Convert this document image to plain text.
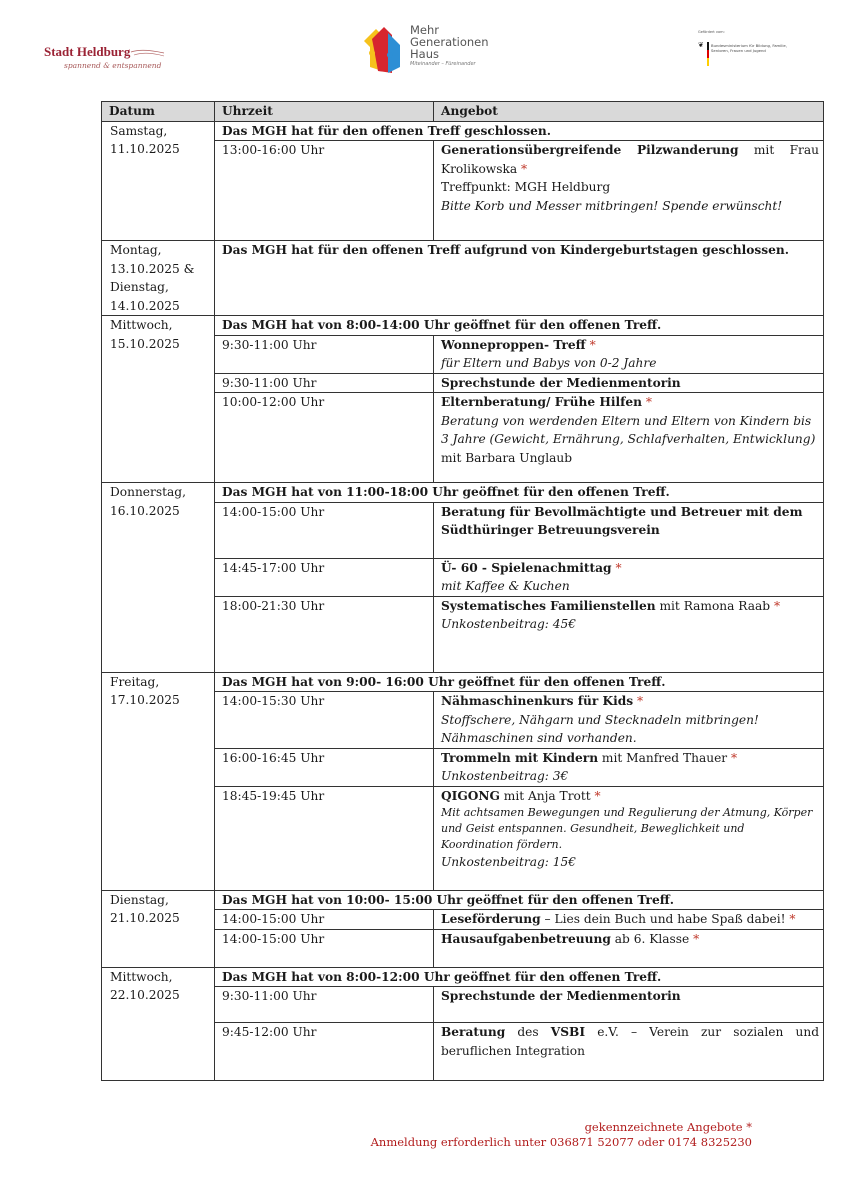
Stadt Heldburg
spannend & entspannend
Mehr
Generationen
Haus
Miteinander – Füreinander
Gefördert vom:
❦ Bundesministerium für Bildung, Familie, Senioren, Frauen und Jugend
Datum	Uhrzeit	Angebot

Samstag,
11.10.2025	Das MGH hat für den offenen Treff geschlossen.	
	13:00-16:00 Uhr	Generationsübergreifende Pilzwanderung mit Frau Krolikowska *
Treffpunkt: MGH Heldburg
Bitte Korb und Messer mitbringen! Spende erwünscht!

Montag,
13.10.2025 &
Dienstag,
14.10.2025	Das MGH hat für den offenen Treff aufgrund von Kindergeburtstagen geschlossen.	

Mittwoch,
15.10.2025	Das MGH hat von 8:00-14:00 Uhr geöffnet für den offenen Treff.	
	9:30-11:00 Uhr	Wonneproppen- Treff *
für Eltern und Babys von 0-2 Jahre
	9:30-11:00 Uhr	Sprechstunde der Medienmentorin
	10:00-12:00 Uhr	Elternberatung/ Frühe Hilfen *
Beratung von werdenden Eltern und Eltern von Kindern bis 3 Jahre (Gewicht, Ernährung, Schlafverhalten, Entwicklung) mit Barbara Unglaub

Donnerstag,
16.10.2025	Das MGH hat von 11:00-18:00 Uhr geöffnet für den offenen Treff.	
	14:00-15:00 Uhr	Beratung für Bevollmächtigte und Betreuer mit dem Südthüringer Betreuungsverein
	14:45-17:00 Uhr	Ü- 60 - Spielenachmittag *
mit Kaffee & Kuchen
	18:00-21:30 Uhr	Systematisches Familienstellen mit Ramona Raab *
Unkostenbeitrag: 45€

Freitag,
17.10.2025	Das MGH hat von 9:00- 16:00 Uhr geöffnet für den offenen Treff.	
	14:00-15:30 Uhr	Nähmaschinenkurs für Kids *
Stoffschere, Nähgarn und Stecknadeln mitbringen! Nähmaschinen sind vorhanden.
	16:00-16:45 Uhr	Trommeln mit Kindern mit Manfred Thauer *
Unkostenbeitrag: 3€
	18:45-19:45 Uhr	QIGONG mit Anja Trott *

Mit achtsamen Bewegungen und Regulierung der Atmung, Körper und Geist entspannen. Gesundheit, Beweglichkeit und Koordination fördern.
Unkostenbeitrag: 15€

Dienstag,
21.10.2025	Das MGH hat von 10:00- 15:00 Uhr geöffnet für den offenen Treff.	
	14:00-15:00 Uhr	Leseförderung – Lies dein Buch und habe Spaß dabei! *
	14:00-15:00 Uhr	Hausaufgabenbetreuung ab 6. Klasse *

Mittwoch,
22.10.2025	Das MGH hat von 8:00-12:00 Uhr geöffnet für den offenen Treff.	
	9:30-11:00 Uhr	Sprechstunde der Medienmentorin
	9:45-12:00 Uhr	Beratung des VSBI e.V. – Verein zur sozialen und beruflichen Integration
gekennzeichnete Angebote *
Anmeldung erforderlich unter 036871 52077 oder 0174 8325230
